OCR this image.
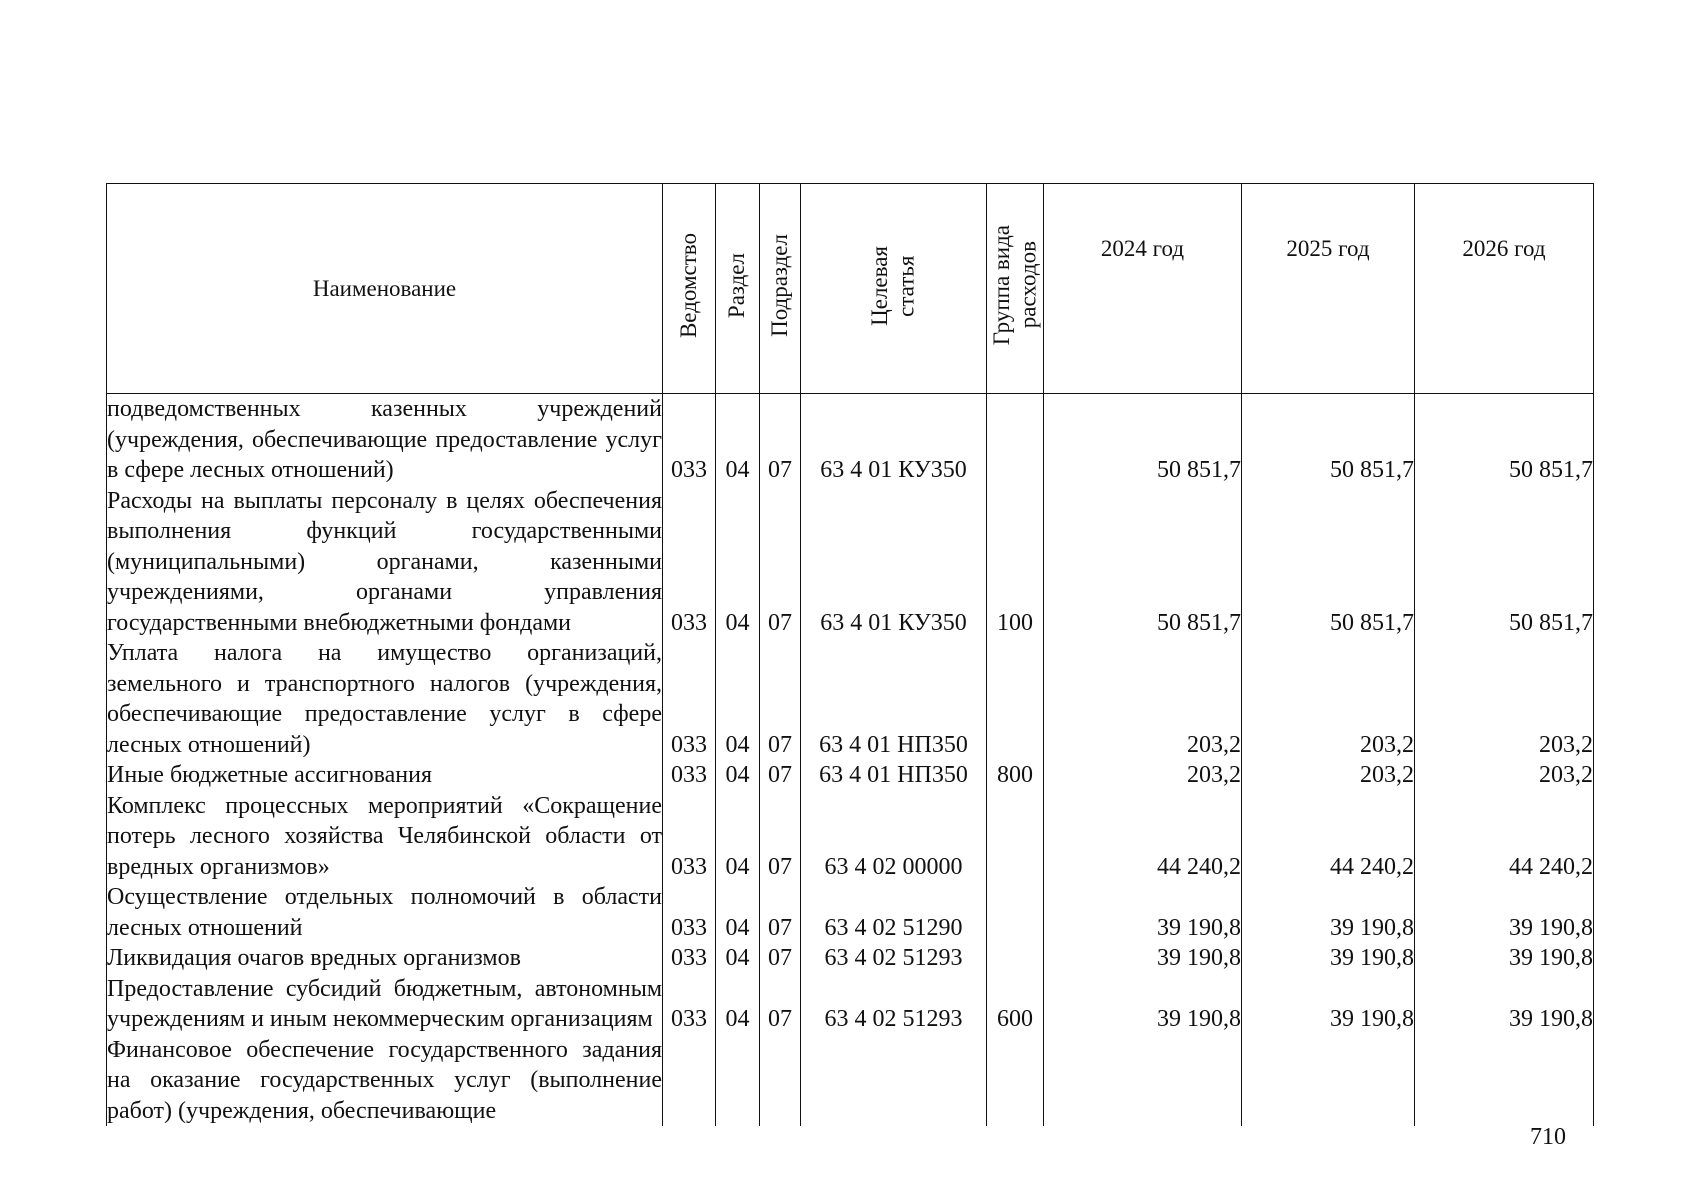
Наименование	Ведомство	Раздел	Подраздел	Целевая статья	Группа вида расходов	2024 год	2025 год	2026 год
подведомственных казенных учреждений (учреждения, обеспечивающие предоставление услуг в сфере лесных отношений)	033	04	07	63 4 01 КУ350		50 851,7	50 851,7	50 851,7
Расходы на выплаты персоналу в целях обеспечения выполнения функций государственными (муниципальными) органами, казенными учреждениями, органами управления государственными внебюджетными фондами	033	04	07	63 4 01 КУ350	100	50 851,7	50 851,7	50 851,7
Уплата налога на имущество организаций, земельного и транспортного налогов (учреждения, обеспечивающие предоставление услуг в сфере лесных отношений)	033	04	07	63 4 01 НП350		203,2	203,2	203,2
Иные бюджетные ассигнования	033	04	07	63 4 01 НП350	800	203,2	203,2	203,2
Комплекс процессных мероприятий «Сокращение потерь лесного хозяйства Челябинской области от вредных организмов»	033	04	07	63 4 02 00000		44 240,2	44 240,2	44 240,2
Осуществление отдельных полномочий в области лесных отношений	033	04	07	63 4 02 51290		39 190,8	39 190,8	39 190,8
Ликвидация очагов вредных организмов	033	04	07	63 4 02 51293		39 190,8	39 190,8	39 190,8
Предоставление субсидий бюджетным, автономным учреждениям и иным некоммерческим организациям	033	04	07	63 4 02 51293	600	39 190,8	39 190,8	39 190,8
Финансовое обеспечение государственного задания на оказание государственных услуг (выполнение работ) (учреждения, обеспечивающие								
710
